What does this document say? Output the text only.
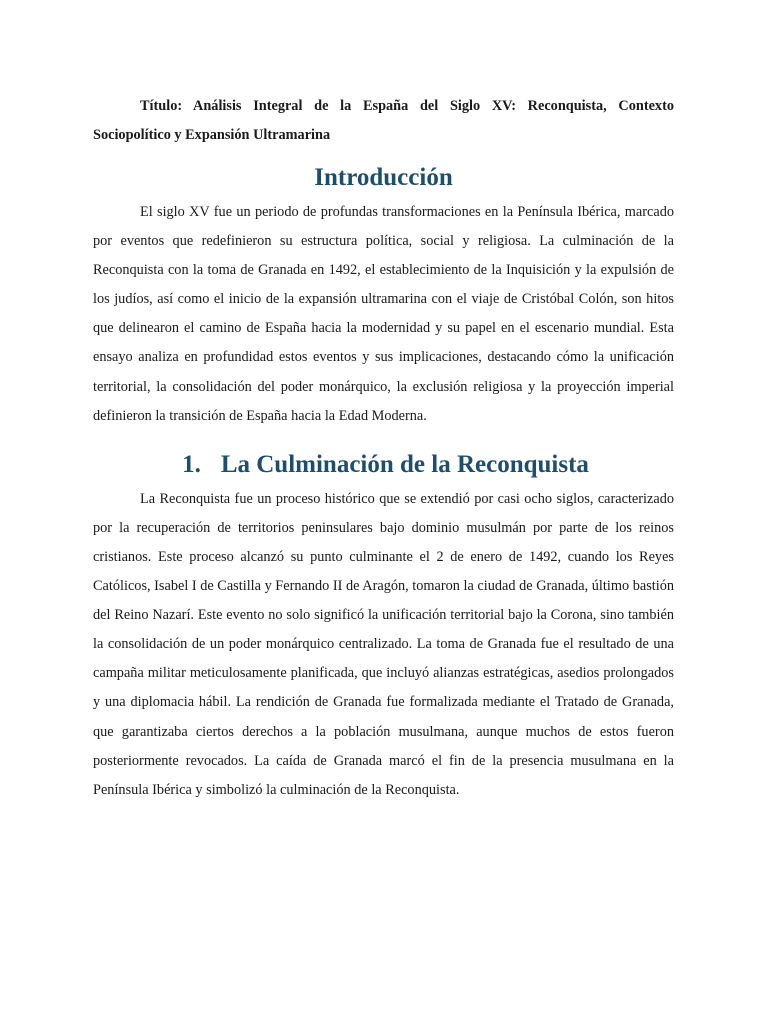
Título: Análisis Integral de la España del Siglo XV: Reconquista, Contexto Sociopolítico y Expansión Ultramarina

Introducción

El siglo XV fue un periodo de profundas transformaciones en la Península Ibérica, marcado por eventos que redefinieron su estructura política, social y religiosa. La culminación de la Reconquista con la toma de Granada en 1492, el establecimiento de la Inquisición y la expulsión de los judíos, así como el inicio de la expansión ultramarina con el viaje de Cristóbal Colón, son hitos que delinearon el camino de España hacia la modernidad y su papel en el escenario mundial. Esta ensayo analiza en profundidad estos eventos y sus implicaciones, destacando cómo la unificación territorial, la consolidación del poder monárquico, la exclusión religiosa y la proyección imperial definieron la transición de España hacia la Edad Moderna.

1. La Culminación de la Reconquista

La Reconquista fue un proceso histórico que se extendió por casi ocho siglos, caracterizado por la recuperación de territorios peninsulares bajo dominio musulmán por parte de los reinos cristianos. Este proceso alcanzó su punto culminante el 2 de enero de 1492, cuando los Reyes Católicos, Isabel I de Castilla y Fernando II de Aragón, tomaron la ciudad de Granada, último bastión del Reino Nazarí. Este evento no solo significó la unificación territorial bajo la Corona, sino también la consolidación de un poder monárquico centralizado. La toma de Granada fue el resultado de una campaña militar meticulosamente planificada, que incluyó alianzas estratégicas, asedios prolongados y una diplomacia hábil. La rendición de Granada fue formalizada mediante el Tratado de Granada, que garantizaba ciertos derechos a la población musulmana, aunque muchos de estos fueron posteriormente revocados. La caída de Granada marcó el fin de la presencia musulmana en la Península Ibérica y simbolizó la culminación de la Reconquista.
